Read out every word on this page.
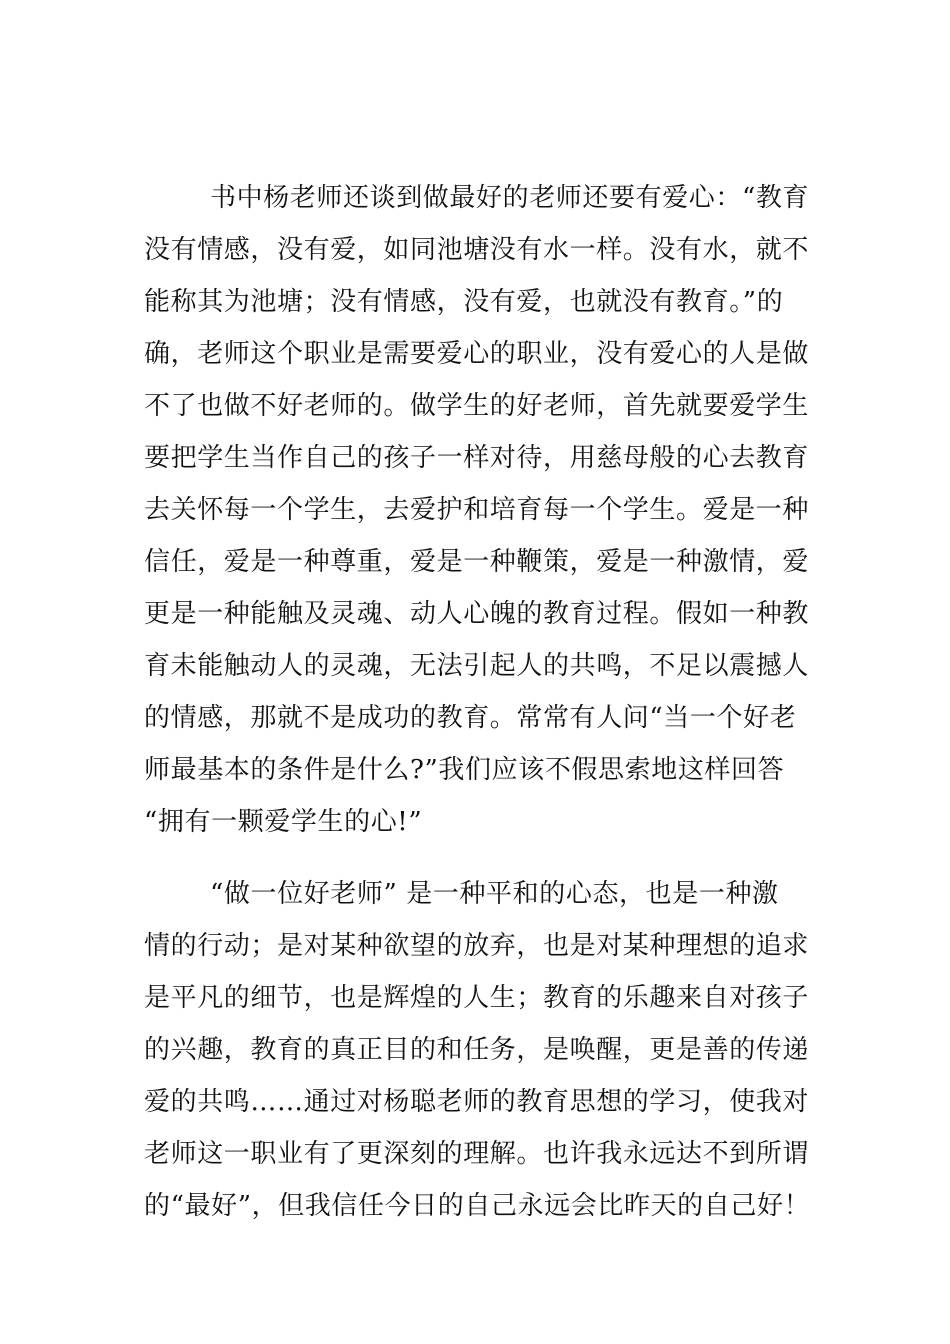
书中杨老师还谈到做最好的老师还要有爱心：“教育
没有情感，没有爱，如同池塘没有水一样。没有水，就不
能称其为池塘；没有情感，没有爱，也就没有教育。”的
确，老师这个职业是需要爱心的职业，没有爱心的人是做
不了也做不好老师的。做学生的好老师，首先就要爱学生
要把学生当作自己的孩子一样对待，用慈母般的心去教育
去关怀每一个学生，去爱护和培育每一个学生。爱是一种
信任，爱是一种尊重，爱是一种鞭策，爱是一种激情，爱
更是一种能触及灵魂、动人心魄的教育过程。假如一种教
育未能触动人的灵魂，无法引起人的共鸣，不足以震撼人
的情感，那就不是成功的教育。常常有人问“当一个好老
师最基本的条件是什么?”我们应该不假思索地这样回答
“拥有一颗爱学生的心!”
“做一位好老师” 是一种平和的心态，也是一种激
情的行动；是对某种欲望的放弃，也是对某种理想的追求
是平凡的细节，也是辉煌的人生；教育的乐趣来自对孩子
的兴趣，教育的真正目的和任务，是唤醒，更是善的传递
爱的共鸣……通过对杨聪老师的教育思想的学习，使我对
老师这一职业有了更深刻的理解。也许我永远达不到所谓
的“最好”，但我信任今日的自己永远会比昨天的自己好！
